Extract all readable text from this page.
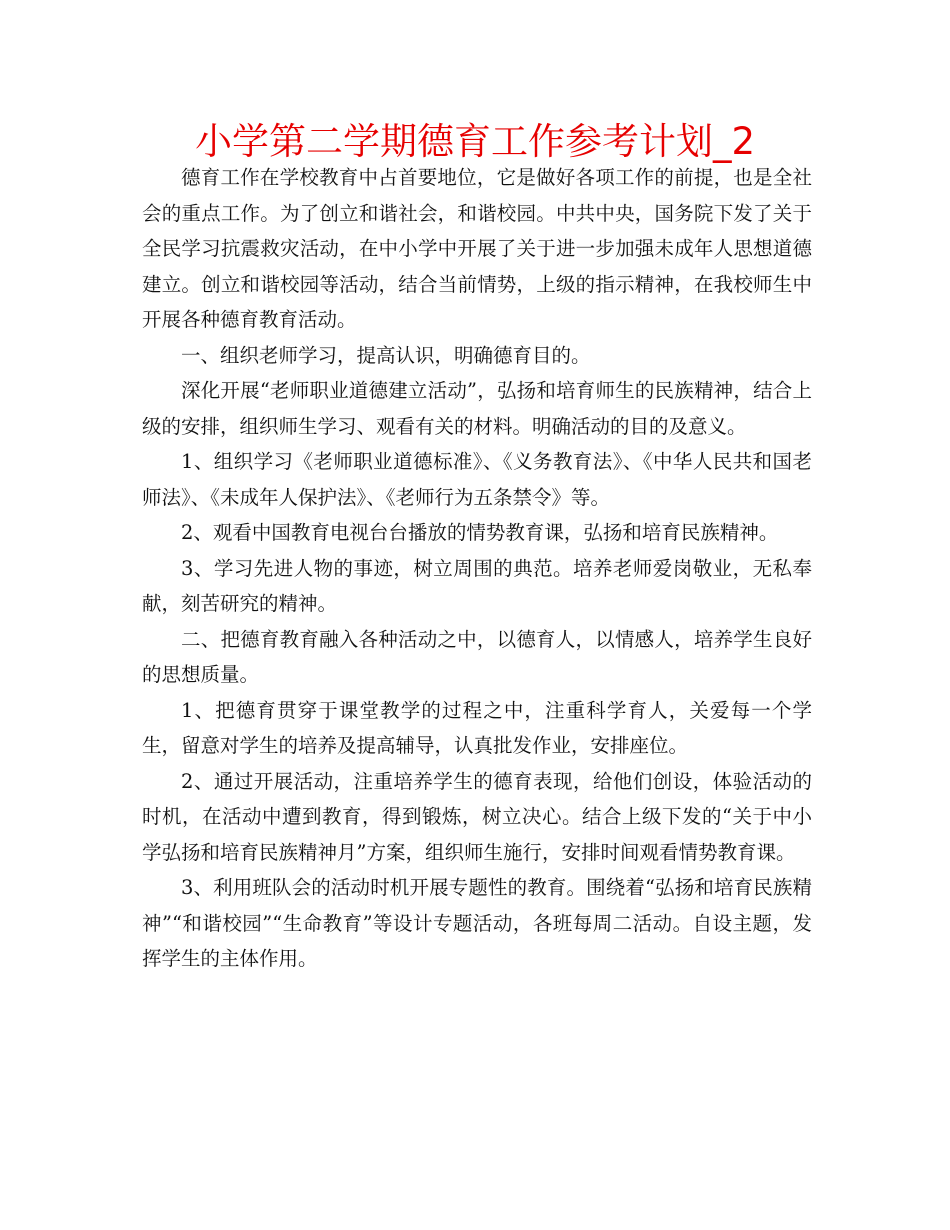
小学第二学期德育工作参考计划_2

德育工作在学校教育中占首要地位，它是做好各项工作的前提，也是全社会的重点工作。为了创立和谐社会，和谐校园。中共中央，国务院下发了关于全民学习抗震救灾活动，在中小学中开展了关于进一步加强未成年人思想道德建立。创立和谐校园等活动，结合当前情势，上级的指示精神，在我校师生中开展各种德育教育活动。

一、组织老师学习，提高认识，明确德育目的。

深化开展“老师职业道德建立活动”，弘扬和培育师生的民族精神，结合上级的安排，组织师生学习、观看有关的材料。明确活动的目的及意义。

1、组织学习《老师职业道德标准》、《义务教育法》、《中华人民共和国老师法》、《未成年人保护法》、《老师行为五条禁令》等。

2、观看中国教育电视台台播放的情势教育课，弘扬和培育民族精神。

3、学习先进人物的事迹，树立周围的典范。培养老师爱岗敬业，无私奉献，刻苦研究的精神。

二、把德育教育融入各种活动之中，以德育人，以情感人，培养学生良好的思想质量。

1、把德育贯穿于课堂教学的过程之中，注重科学育人，关爱每一个学生，留意对学生的培养及提高辅导，认真批发作业，安排座位。

2、通过开展活动，注重培养学生的德育表现，给他们创设，体验活动的时机，在活动中遭到教育，得到锻炼，树立决心。结合上级下发的“关于中小学弘扬和培育民族精神月”方案，组织师生施行，安排时间观看情势教育课。

3、利用班队会的活动时机开展专题性的教育。围绕着“弘扬和培育民族精神”“和谐校园”“生命教育”等设计专题活动，各班每周二活动。自设主题，发挥学生的主体作用。
